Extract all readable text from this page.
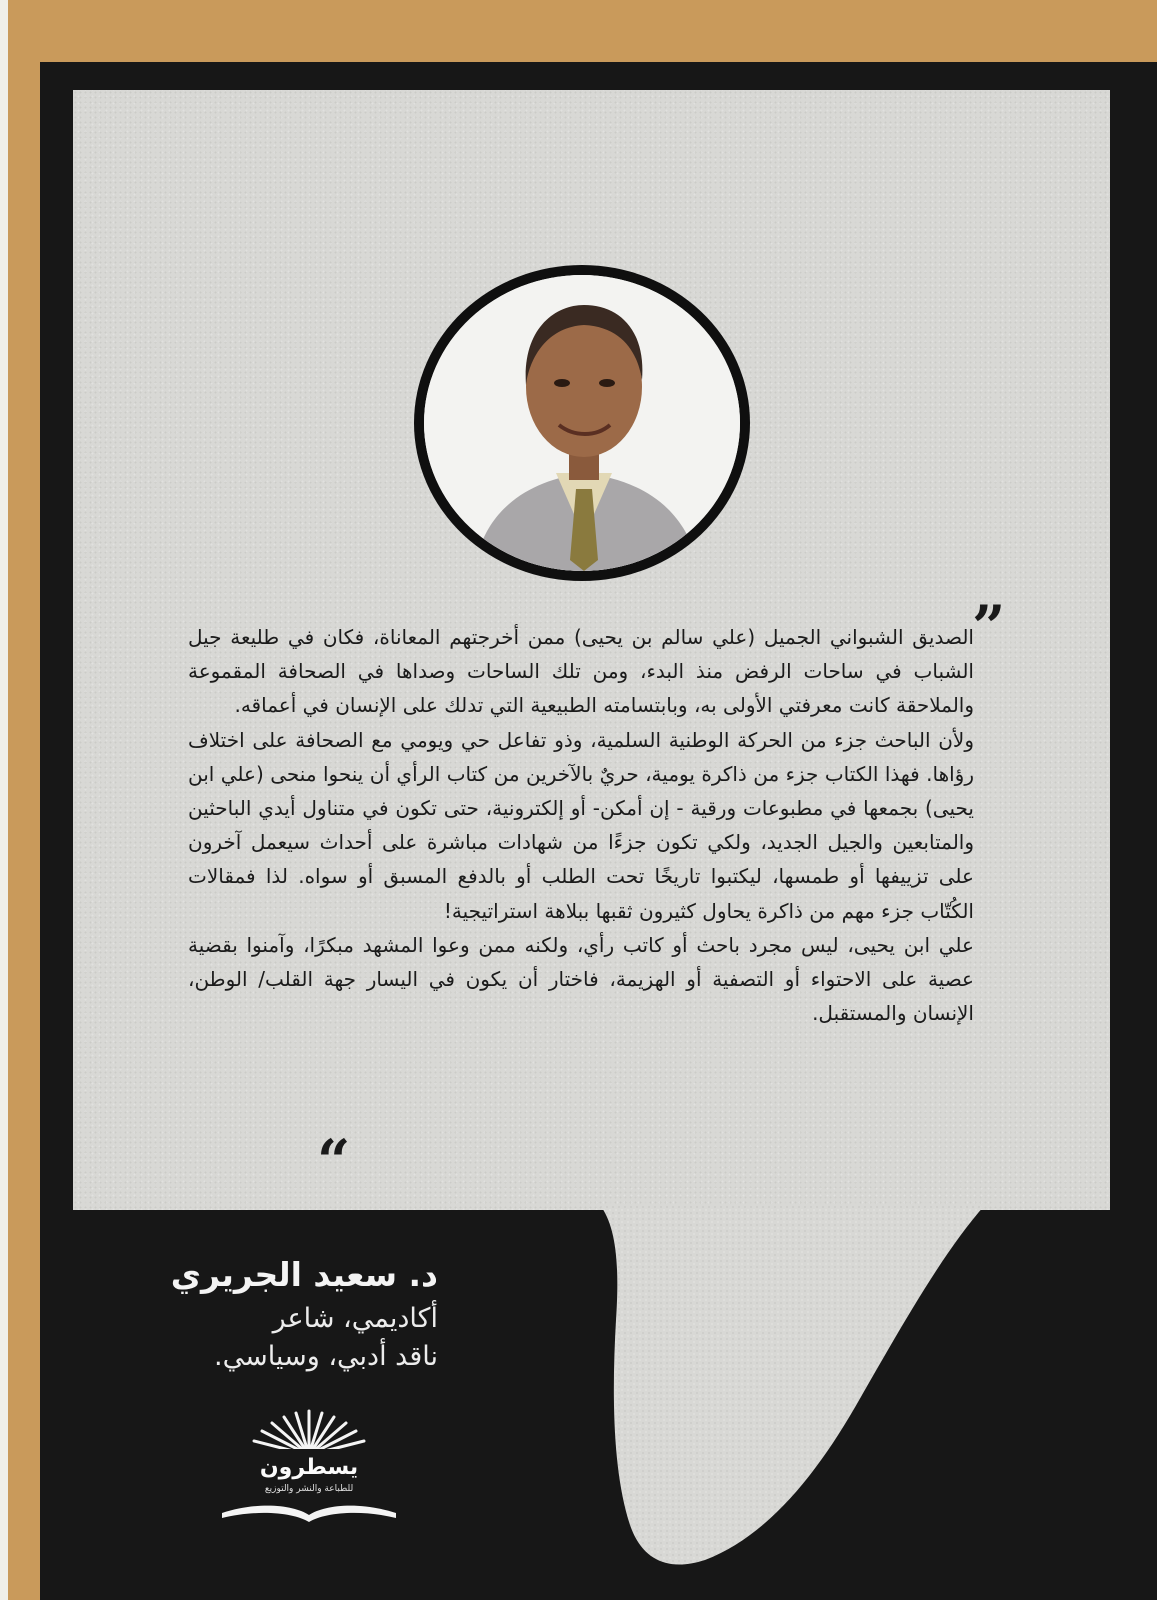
”

الصديق الشبواني الجميل (علي سالم بن يحيى) ممن أخرجتهم المعاناة، فكان في طليعة جيل الشباب في ساحات الرفض منذ البدء، ومن تلك الساحات وصداها في الصحافة المقموعة والملاحقة كانت معرفتي الأولى به، وبابتسامته الطبيعية التي تدلك على الإنسان في أعماقه.

ولأن الباحث جزء من الحركة الوطنية السلمية، وذو تفاعل حي ويومي مع الصحافة على اختلاف رؤاها. فهذا الكتاب جزء من ذاكرة يومية، حريٌ بالآخرين من كتاب الرأي أن ينحوا منحى (علي ابن يحيى) بجمعها في مطبوعات ورقية - إن أمكن- أو إلكترونية، حتى تكون في متناول أيدي الباحثين والمتابعين والجيل الجديد، ولكي تكون جزءًا من شهادات مباشرة على أحداث سيعمل آخرون على تزييفها أو طمسها، ليكتبوا تاريخًا تحت الطلب أو بالدفع المسبق أو سواه. لذا فمقالات الكُتّاب جزء مهم من ذاكرة يحاول كثيرون ثقبها ببلاهة استراتيجية!

علي ابن يحيى، ليس مجرد باحث أو كاتب رأي، ولكنه ممن وعوا المشهد مبكرًا، وآمنوا بقضية عصية على الاحتواء أو التصفية أو الهزيمة، فاختار أن يكون في اليسار جهة القلب/ الوطن، الإنسان والمستقبل.

“
د. سعيد الجريري

أكاديمي، شاعر

ناقد أدبي، وسياسي.

يسطرون
للطباعة والنشر والتوزيع
